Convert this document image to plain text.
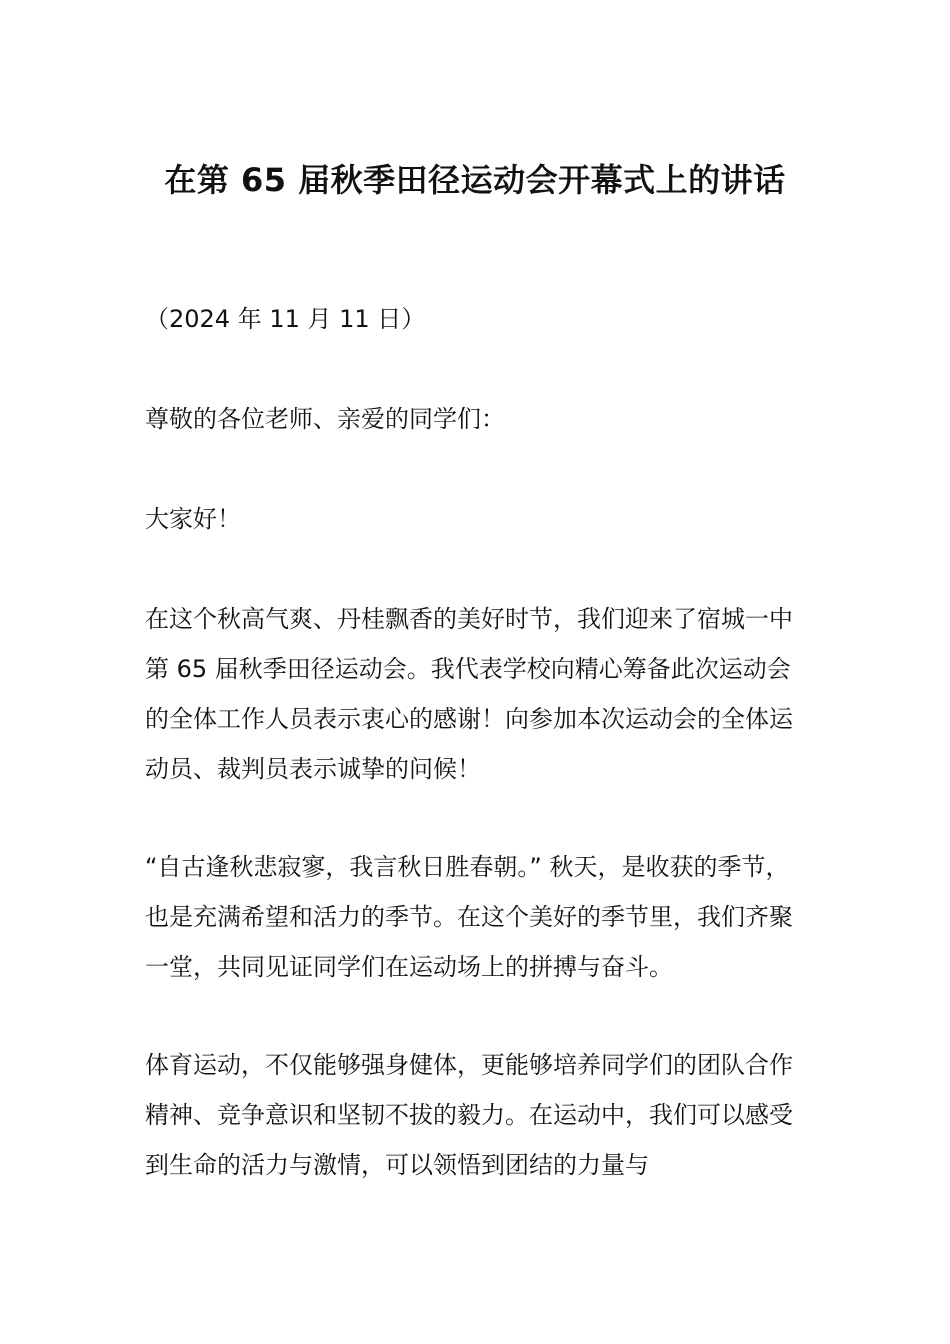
在第 65 届秋季田径运动会开幕式上的讲话

（2024 年 11 月 11 日）

尊敬的各位老师、亲爱的同学们：

大家好！

在这个秋高气爽、丹桂飘香的美好时节，我们迎来了宿城一中第 65 届秋季田径运动会。我代表学校向精心筹备此次运动会的全体工作人员表示衷心的感谢！向参加本次运动会的全体运动员、裁判员表示诚挚的问候！

“自古逢秋悲寂寥，我言秋日胜春朝。” 秋天，是收获的季节，也是充满希望和活力的季节。在这个美好的季节里，我们齐聚一堂，共同见证同学们在运动场上的拼搏与奋斗。

体育运动，不仅能够强身健体，更能够培养同学们的团队合作精神、竞争意识和坚韧不拔的毅力。在运动中，我们可以感受到生命的活力与激情，可以领悟到团结的力量与
